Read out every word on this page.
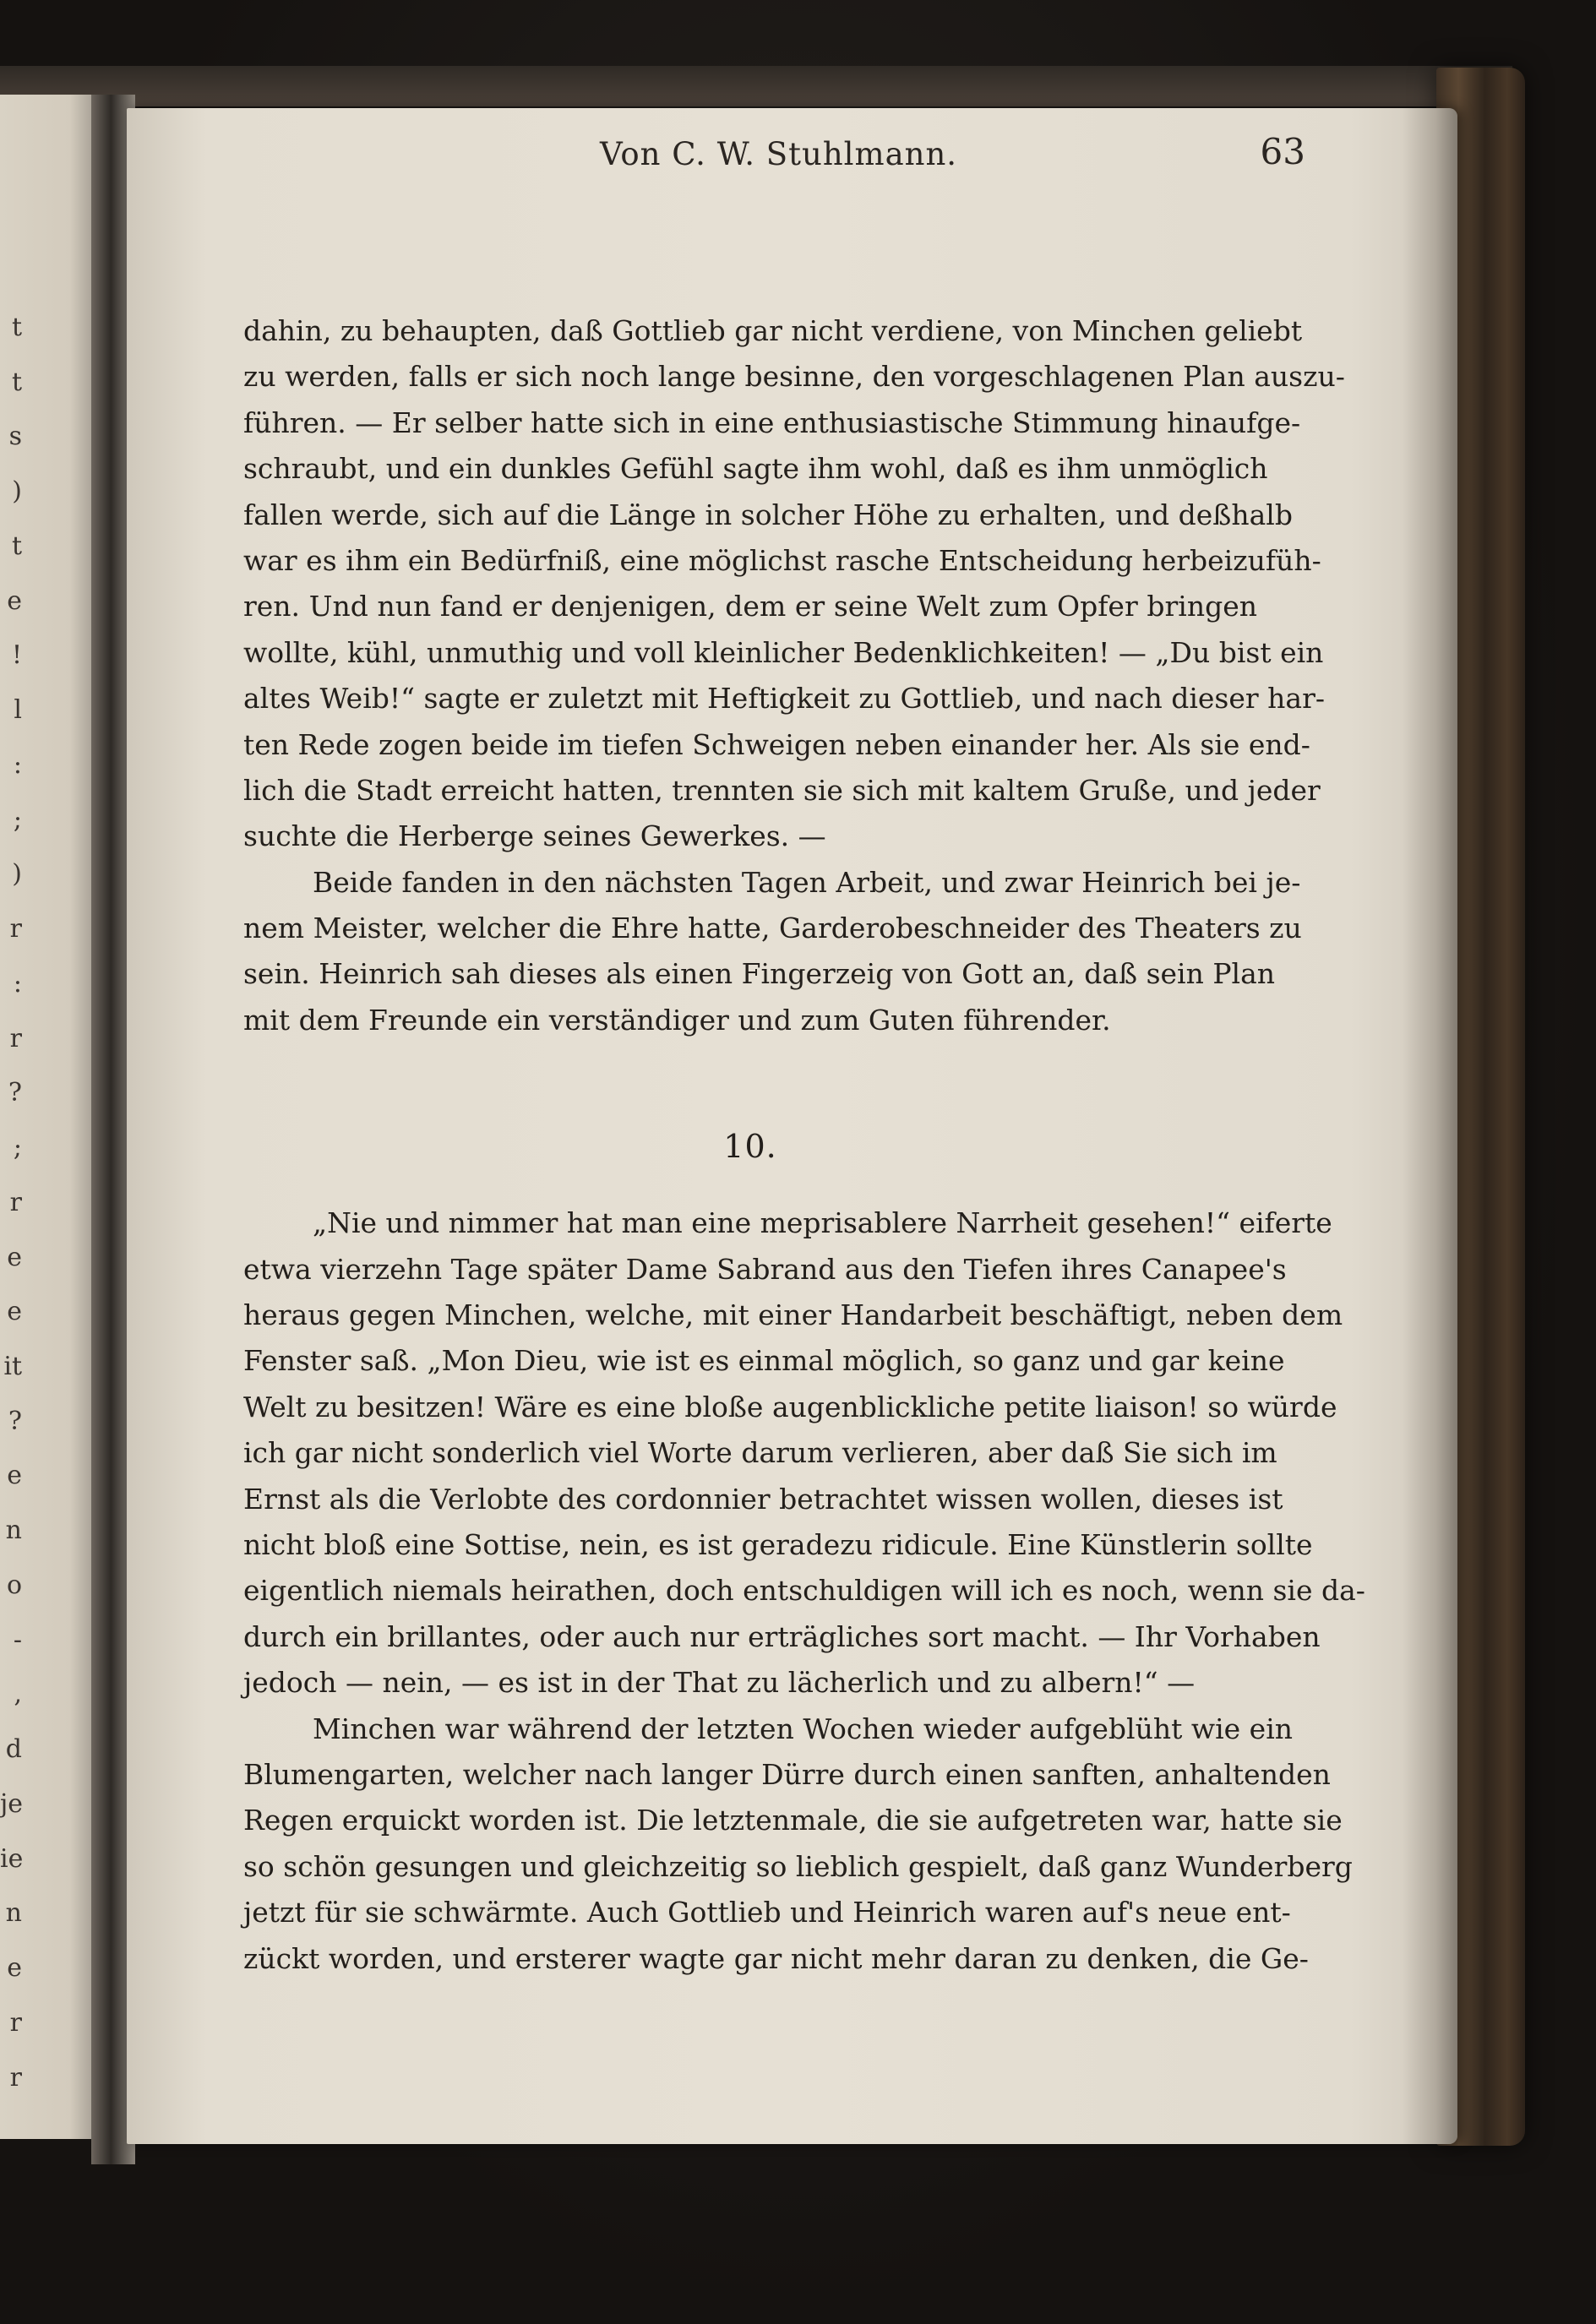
Von C. W. Stuhlmann.	63
dahin, zu behaupten, daß Gottlieb gar nicht verdiene, von Minchen geliebt
zu werden, falls er sich noch lange besinne, den vorgeschlagenen Plan auszu-
führen. — Er selber hatte sich in eine enthusiastische Stimmung hinaufge-
schraubt, und ein dunkles Gefühl sagte ihm wohl, daß es ihm unmöglich
fallen werde, sich auf die Länge in solcher Höhe zu erhalten, und deßhalb
war es ihm ein Bedürfniß, eine möglichst rasche Entscheidung herbeizufüh-
ren. Und nun fand er denjenigen, dem er seine Welt zum Opfer bringen
wollte, kühl, unmuthig und voll kleinlicher Bedenklichkeiten! — „Du bist ein
altes Weib!“ sagte er zuletzt mit Heftigkeit zu Gottlieb, und nach dieser har-
ten Rede zogen beide im tiefen Schweigen neben einander her. Als sie end-
lich die Stadt erreicht hatten, trennten sie sich mit kaltem Gruße, und jeder
suchte die Herberge seines Gewerkes. —
Beide fanden in den nächsten Tagen Arbeit, und zwar Heinrich bei je-
nem Meister, welcher die Ehre hatte, Garderobeschneider des Theaters zu
sein. Heinrich sah dieses als einen Fingerzeig von Gott an, daß sein Plan
mit dem Freunde ein verständiger und zum Guten führender.
10.
„Nie und nimmer hat man eine meprisablere Narrheit gesehen!“ eiferte
etwa vierzehn Tage später Dame Sabrand aus den Tiefen ihres Canapee's
heraus gegen Minchen, welche, mit einer Handarbeit beschäftigt, neben dem
Fenster saß. „Mon Dieu, wie ist es einmal möglich, so ganz und gar keine
Welt zu besitzen! Wäre es eine bloße augenblickliche petite liaison! so würde
ich gar nicht sonderlich viel Worte darum verlieren, aber daß Sie sich im
Ernst als die Verlobte des cordonnier betrachtet wissen wollen, dieses ist
nicht bloß eine Sottise, nein, es ist geradezu ridicule. Eine Künstlerin sollte
eigentlich niemals heirathen, doch entschuldigen will ich es noch, wenn sie da-
durch ein brillantes, oder auch nur erträgliches sort macht. — Ihr Vorhaben
jedoch — nein, — es ist in der That zu lächerlich und zu albern!“ —
Minchen war während der letzten Wochen wieder aufgeblüht wie ein
Blumengarten, welcher nach langer Dürre durch einen sanften, anhaltenden
Regen erquickt worden ist. Die letztenmale, die sie aufgetreten war, hatte sie
so schön gesungen und gleichzeitig so lieblich gespielt, daß ganz Wunderberg
jetzt für sie schwärmte. Auch Gottlieb und Heinrich waren auf's neue ent-
zückt worden, und ersterer wagte gar nicht mehr daran zu denken, die Ge-
t
t
s
)
t
e
!
l
:
;
)
r
:
r
?
;
r
e
e
it
?
e
n
o
-
,
d
je
ie
n
e
r
r
